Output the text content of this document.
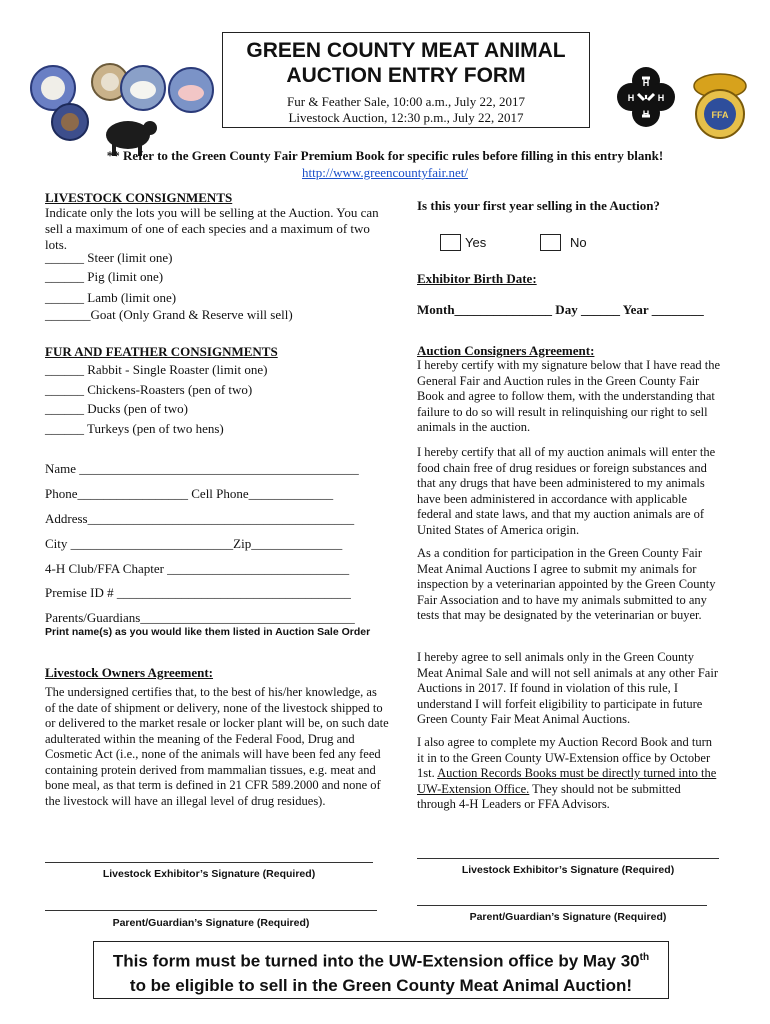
GREEN COUNTY MEAT ANIMAL
AUCTION ENTRY FORM
Fur & Feather Sale, 10:00 a.m., July 22, 2017
Livestock Auction, 12:30 p.m., July 22, 2017
H
H	H
H	FFA
** Refer to the Green County Fair Premium Book for specific rules before filling in this entry blank!
http://www.greencountyfair.net/
LIVESTOCK CONSIGNMENTS
Indicate only the lots you will be selling at the Auction. You can sell a maximum of one of each species and a maximum of two lots.
______ Steer (limit one)
______ Pig (limit one)
______ Lamb (limit one)
_______Goat (Only Grand & Reserve will sell)
FUR AND FEATHER CONSIGNMENTS
______ Rabbit - Single Roaster (limit one)
______ Chickens-Roasters (pen of two)
______ Ducks (pen of two)
______ Turkeys (pen of two hens)
Name ___________________________________________
Phone_________________ Cell Phone_____________
Address_________________________________________
City _________________________Zip______________
4-H Club/FFA Chapter ____________________________
Premise ID # ____________________________________
Parents/Guardians_________________________________
Print name(s) as you would like them listed in Auction Sale Order
Livestock Owners Agreement:
The undersigned certifies that, to the best of his/her knowledge, as of the date of shipment or delivery, none of the livestock shipped to or delivered to the market resale or locker plant will be, on such date adulterated within the meaning of the Federal Food, Drug and Cosmetic Act (i.e., none of the animals will have been fed any feed containing protein derived from mammalian tissues, e.g. meat and bone meal, as that term is defined in 21 CFR 589.2000 and none of the livestock will have an illegal level of drug residues).
Livestock Exhibitor’s Signature (Required)
Parent/Guardian’s Signature (Required)
Is this your first year selling in the Auction?
Yes	No
Exhibitor Birth Date:
Month_______________ Day ______ Year ________
Auction Consigners Agreement:
I hereby certify with my signature below that I have read the General Fair and Auction rules in the Green County Fair Book and agree to follow them, with the understanding that failure to do so will result in relinquishing our right to sell animals in the auction.
I hereby certify that all of my auction animals will enter the food chain free of drug residues or foreign substances and that any drugs that have been administered to my animals have been administered in accordance with applicable federal and state laws, and that my auction animals are of United States of America origin.
As a condition for participation in the Green County Fair Meat Animal Auctions I agree to submit my animals for inspection by a veterinarian appointed by the Green County Fair Association and to have my animals submitted to any tests that may be designated by the veterinarian or buyer.
I hereby agree to sell animals only in the Green County Meat Animal Sale and will not sell animals at any other Fair Auctions in 2017. If found in violation of this rule, I understand I will forfeit eligibility to participate in future Green County Fair Meat Animal Auctions.
I also agree to complete my Auction Record Book and turn it in to the Green County UW-Extension office by October 1st. Auction Records Books must be directly turned into the UW-Extension Office. They should not be submitted through 4-H Leaders or FFA Advisors.
Livestock Exhibitor’s Signature (Required)
Parent/Guardian’s Signature (Required)
This form must be turned into the UW-Extension office by May 30th
to be eligible to sell in the Green County Meat Animal Auction!
